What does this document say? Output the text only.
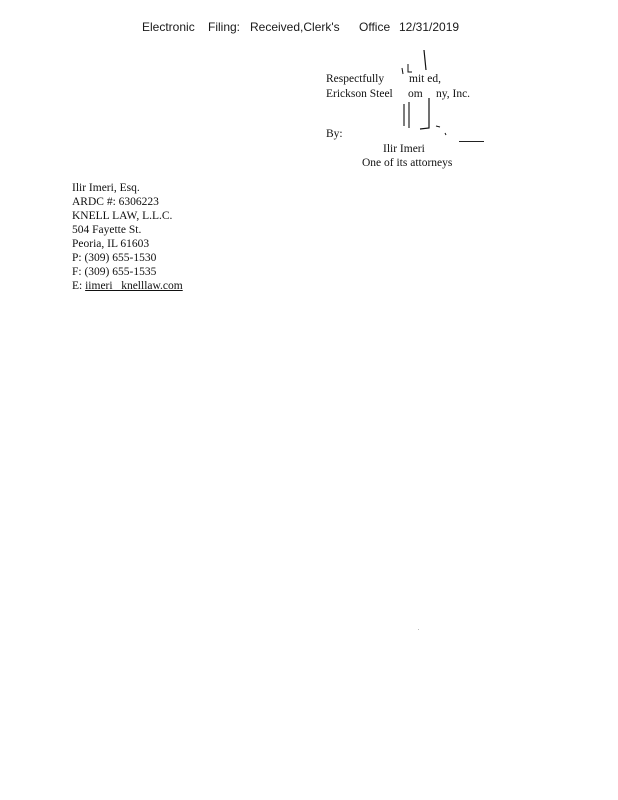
Electronic Filing: Received,Clerk's Office 12/31/2019
Respectfully mit ed,
Erickson Steel om ny, Inc.
By:
Ilir Imeri
One of its attorneys
Ilir Imeri, Esq.
ARDC #: 6306223
KNELL LAW, L.L.C.
504 Fayette St.
Peoria, IL 61603
P: (309) 655-1530
F: (309) 655-1535
E: iimeri_ knelllaw.com
